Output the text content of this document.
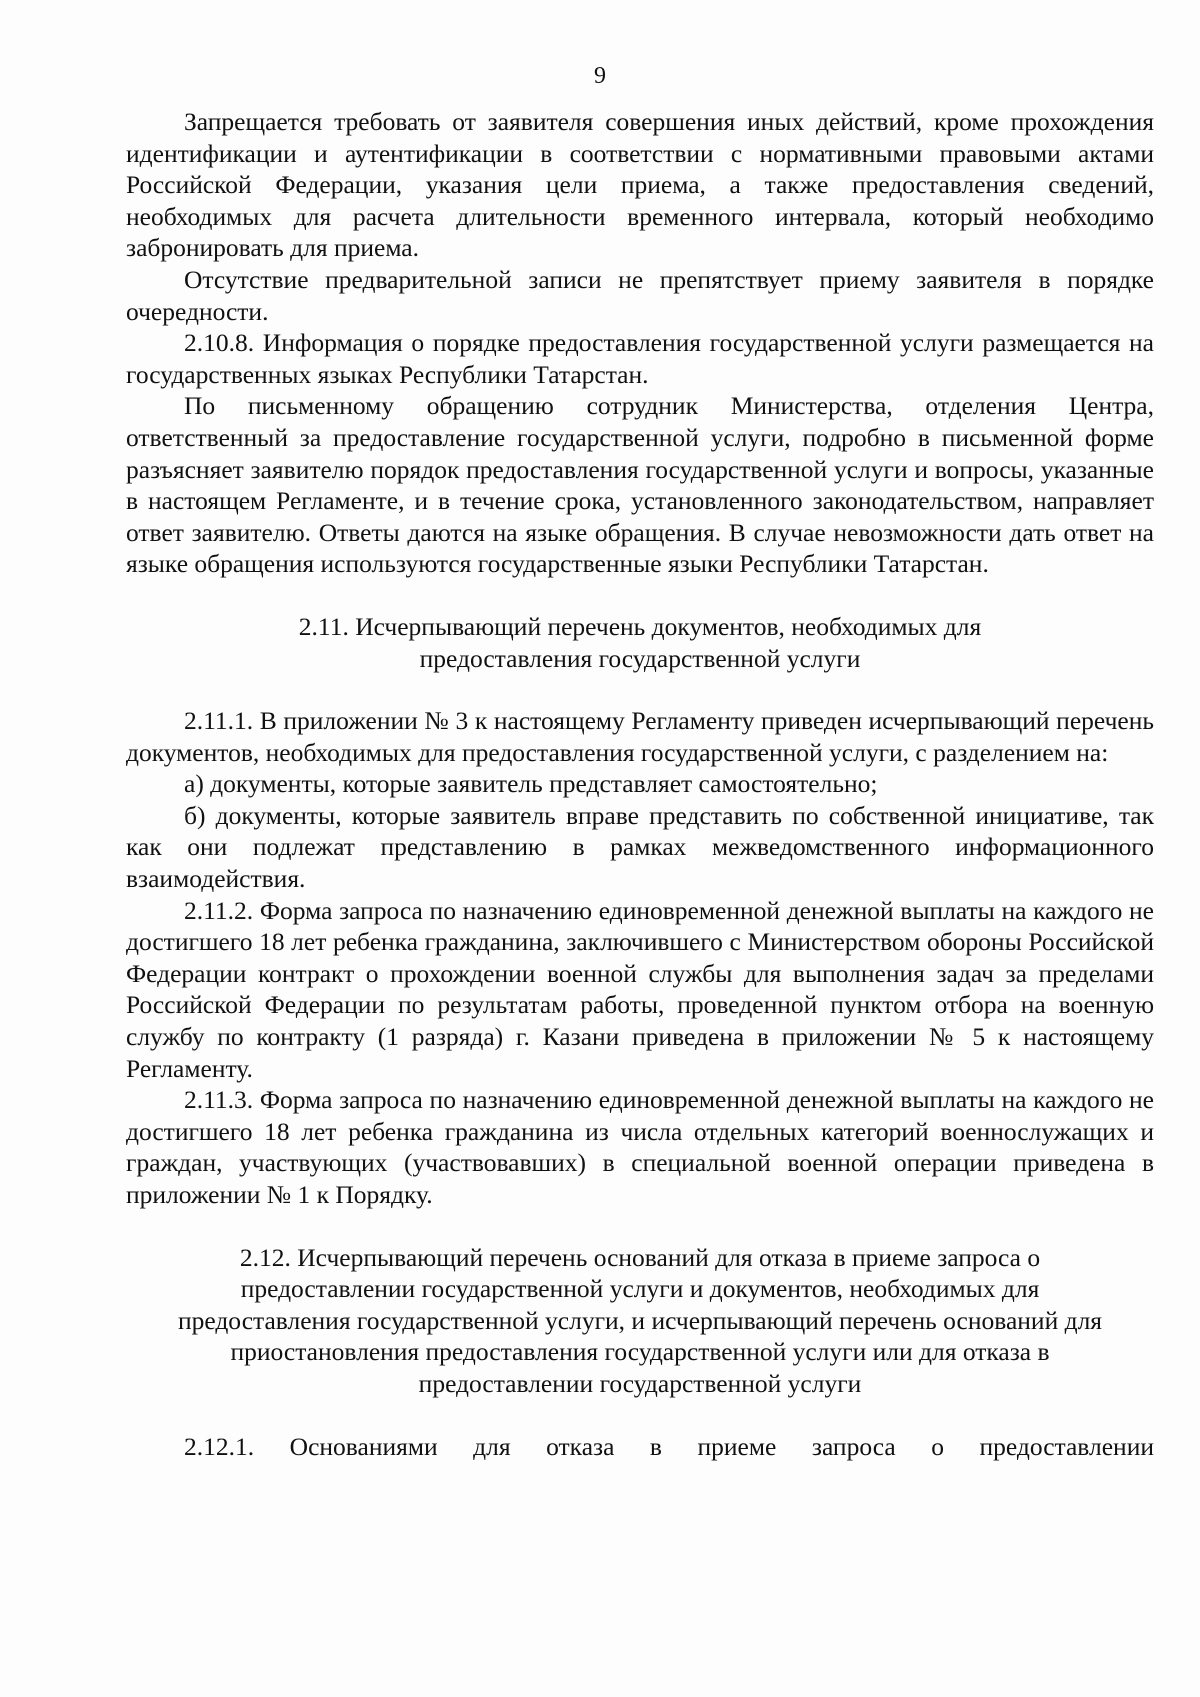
9

Запрещается требовать от заявителя совершения иных действий, кроме прохождения идентификации и аутентификации в соответствии с нормативными правовыми актами Российской Федерации, указания цели приема, а также предоставления сведений, необходимых для расчета длительности временного интервала, который необходимо забронировать для приема.

Отсутствие предварительной записи не препятствует приему заявителя в порядке очередности.

2.10.8. Информация о порядке предоставления государственной услуги размещается на государственных языках Республики Татарстан.

По письменному обращению сотрудник Министерства, отделения Центра, ответственный за предоставление государственной услуги, подробно в письменной форме разъясняет заявителю порядок предоставления государственной услуги и вопросы, указанные в настоящем Регламенте, и в течение срока, установленного законодательством, направляет ответ заявителю. Ответы даются на языке обращения. В случае невозможности дать ответ на языке обращения используются государственные языки Республики Татарстан.

2.11. Исчерпывающий перечень документов, необходимых для

предоставления государственной услуги

2.11.1. В приложении № 3 к настоящему Регламенту приведен исчерпывающий перечень документов, необходимых для предоставления государственной услуги, с разделением на:

а) документы, которые заявитель представляет самостоятельно;

б) документы, которые заявитель вправе представить по собственной инициативе, так как они подлежат представлению в рамках межведомственного информационного взаимодействия.

2.11.2. Форма запроса по назначению единовременной денежной выплаты на каждого не достигшего 18 лет ребенка гражданина, заключившего с Министерством обороны Российской Федерации контракт о прохождении военной службы для выполнения задач за пределами Российской Федерации по результатам работы, проведенной пунктом отбора на военную службу по контракту (1 разряда) г. Казани приведена в приложении № 5 к настоящему Регламенту.

2.11.3. Форма запроса по назначению единовременной денежной выплаты на каждого не достигшего 18 лет ребенка гражданина из числа отдельных категорий военнослужащих и граждан, участвующих (участвовавших) в специальной военной операции приведена в приложении № 1 к Порядку.

2.12. Исчерпывающий перечень оснований для отказа в приеме запроса о

предоставлении государственной услуги и документов, необходимых для

предоставления государственной услуги, и исчерпывающий перечень оснований для

приостановления предоставления государственной услуги или для отказа в

предоставлении государственной услуги

2.12.1. Основаниями для отказа в приеме запроса о предоставлении
